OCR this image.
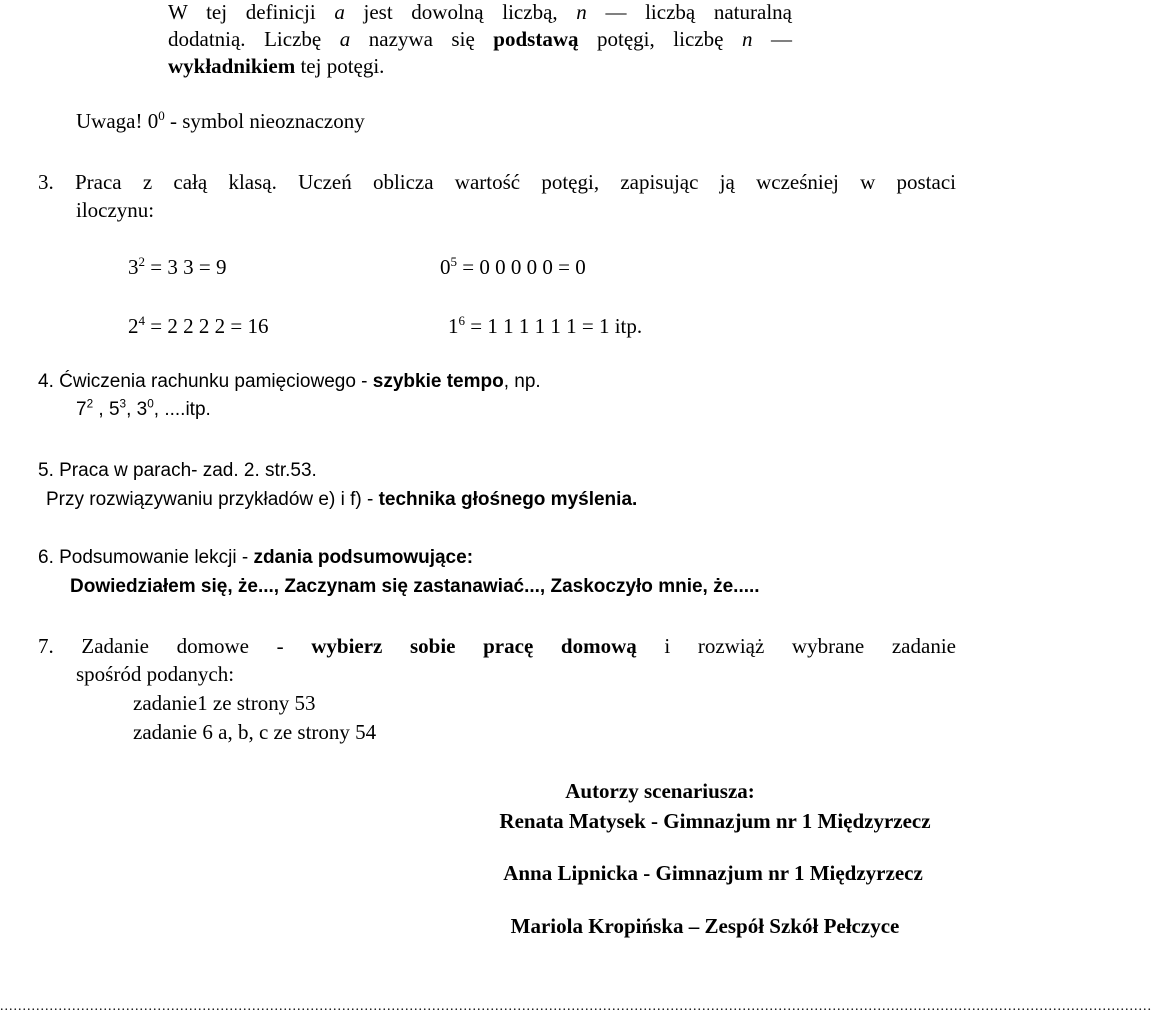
W tej definicji a jest dowolną liczbą, n — liczbą naturalną
dodatnią. Liczbę a nazywa się podstawą potęgi, liczbę n —
wykładnikiem tej potęgi.
Uwaga! $0^0$ - symbol nieoznaczony
3. Praca z całą klasą. Uczeń oblicza wartość potęgi, zapisując ją wcześniej w postaci
iloczynu:
$3^2 = 3$ 3 = 9	$0^5 = 0$ 0 0 0 0 = 0
$2^4 = 2$ 2 2 2 = 16	$1^6 = 1$ 1 1 1 1 1 = 1 itp.
4. Ćwiczenia rachunku pamięciowego - szybkie tempo, np.
$7^2$ , $5^3$, $3^0$, ....itp.
5. Praca w parach- zad. 2. str.53.
Przy rozwiązywaniu przykładów e) i f) - technika głośnego myślenia.
6. Podsumowanie lekcji - zdania podsumowujące:
Dowiedziałem się, że..., Zaczynam się zastanawiać..., Zaskoczyło mnie, że.....
7. Zadanie domowe - wybierz sobie pracę domową i rozwiąż wybrane zadanie
spośród podanych:
zadanie1 ze strony 53
zadanie 6 a, b, c ze strony 54
Autorzy scenariusza:
Renata Matysek - Gimnazjum nr 1 Międzyrzecz
Anna Lipnicka - Gimnazjum nr 1 Międzyrzecz
Mariola Kropińska – Zespół Szkół Pełczyce
................................................................................................................................................................................................................................................................
